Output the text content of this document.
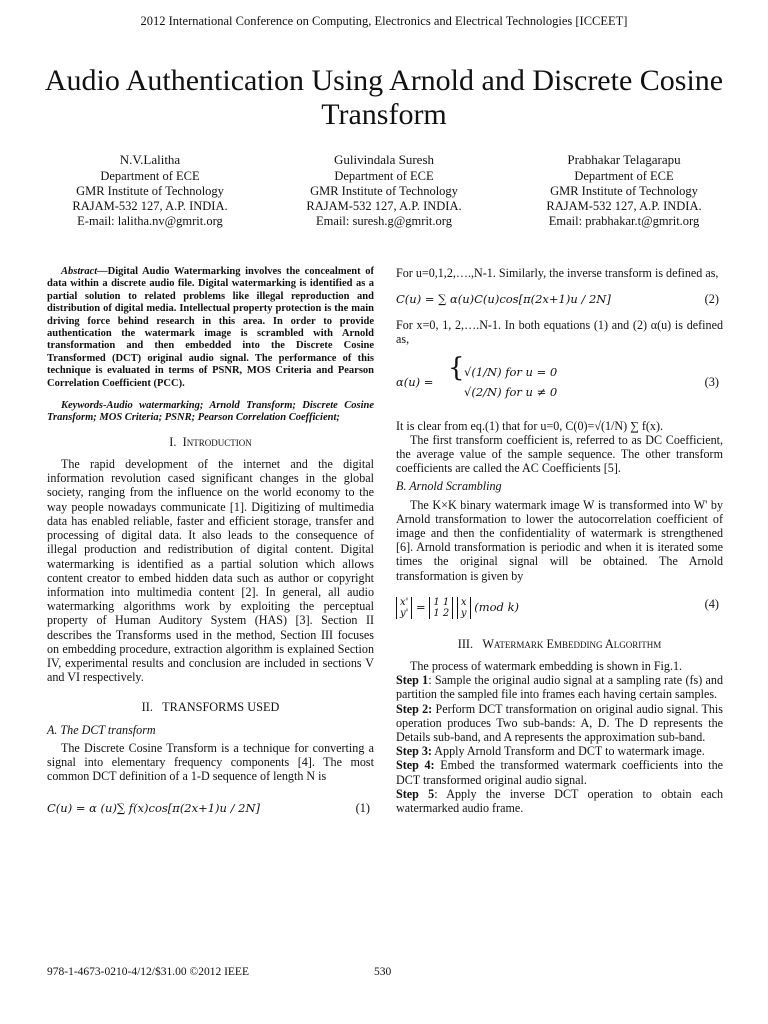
2012 International Conference on Computing, Electronics and Electrical Technologies [ICCEET]
Audio Authentication Using Arnold and Discrete Cosine Transform
N.V.Lalitha
Department of ECE
GMR Institute of Technology
RAJAM-532 127, A.P. INDIA.
E-mail: lalitha.nv@gmrit.org
Gulivindala Suresh
Department of ECE
GMR Institute of Technology
RAJAM-532 127, A.P. INDIA.
Email: suresh.g@gmrit.org
Prabhakar Telagarapu
Department of ECE
GMR Institute of Technology
RAJAM-532 127, A.P. INDIA.
Email: prabhakar.t@gmrit.org

Abstract—Digital Audio Watermarking involves the concealment of data within a discrete audio file. Digital watermarking is identified as a partial solution to related problems like illegal reproduction and distribution of digital media. Intellectual property protection is the main driving force behind research in this area. In order to provide authentication the watermark image is scrambled with Arnold transformation and then embedded into the Discrete Cosine Transformed (DCT) original audio signal. The performance of this technique is evaluated in terms of PSNR, MOS Criteria and Pearson Correlation Coefficient (PCC).

Keywords-Audio watermarking; Arnold Transform; Discrete Cosine Transform; MOS Criteria; PSNR; Pearson Correlation Coefficient;

I. Introduction

The rapid development of the internet and the digital information revolution cased significant changes in the global society, ranging from the influence on the world economy to the way people nowadays communicate [1]. Digitizing of multimedia data has enabled reliable, faster and efficient storage, transfer and processing of digital data. It also leads to the consequence of illegal production and redistribution of digital content. Digital watermarking is identified as a partial solution which allows content creator to embed hidden data such as author or copyright information into multimedia content [2]. In general, all audio watermarking algorithms work by exploiting the perceptual property of Human Auditory System (HAS) [3]. Section II describes the Transforms used in the method, Section III focuses on embedding procedure, extraction algorithm is explained Section IV, experimental results and conclusion are included in sections V and VI respectively.

II. TRANSFORMS USED
A. The DCT transform

The Discrete Cosine Transform is a technique for converting a signal into elementary frequency components [4]. The most common DCT definition of a 1-D sequence of length N is

C(u) = α (u)∑ f(x)cos[π(2x+1)u / 2N]	(1)

For u=0,1,2,….,N-1. Similarly, the inverse transform is defined as,

C(u) = ∑ α(u)C(u)cos[π(2x+1)u / 2N]	(2)

For x=0, 1, 2,….N-1. In both equations (1) and (2) α(u) is defined as,

α(u) = { √(1/N) for u = 0
√(2/N) for u ≠ 0
(3)

It is clear from eq.(1) that for u=0, C(0)=√(1/N) ∑ f(x).

The first transform coefficient is, referred to as DC Coefficient, the average value of the sample sequence. The other transform coefficients are called the AC Coefficients [5].

B. Arnold Scrambling

The K×K binary watermark image W is transformed into W' by Arnold transformation to lower the autocorrelation coefficient of image and then the confidentiality of watermark is strengthened [6]. Arnold transformation is periodic and when it is iterated some times the original signal will be obtained. The Arnold transformation is given by

x'
y' = 1 1
1 2 x
y (mod k)	(4)
III. Watermark Embedding Algorithm

The process of watermark embedding is shown in Fig.1.

Step 1: Sample the original audio signal at a sampling rate (fs) and partition the sampled file into frames each having certain samples.

Step 2: Perform DCT transformation on original audio signal. This operation produces Two sub-bands: A, D. The D represents the Details sub-band, and A represents the approximation sub-band.

Step 3: Apply Arnold Transform and DCT to watermark image.

Step 4: Embed the transformed watermark coefficients into the DCT transformed original audio signal.

Step 5: Apply the inverse DCT operation to obtain each watermarked audio frame.

978-1-4673-0210-4/12/$31.00 ©2012 IEEE	530
